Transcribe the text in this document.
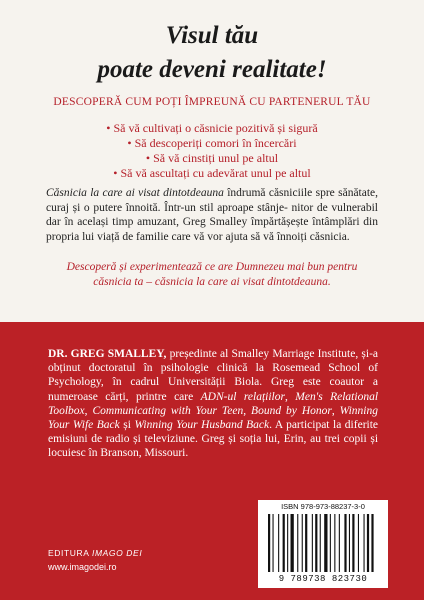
Visul tău
poate deveni realitate!
DESCOPERĂ CUM POȚI ÎMPREUNĂ CU PARTENERUL TĂU
• Să vă cultivați o căsnicie pozitivă și sigură
• Să descoperiți comori în încercări
• Să vă cinstiți unul pe altul
• Să vă ascultați cu adevărat unul pe altul
Căsnicia la care ai visat dintotdeauna îndrumă căsniciile spre sănătate, curaj și o putere înnoită. Într-un stil aproape stânje- nitor de vulnerabil dar în același timp amuzant, Greg Smalley împărtășește întâmplări din propria lui viață de familie care vă vor ajuta să vă înnoiți căsnicia.
Descoperă și experimentează ce are Dumnezeu mai bun pentru
căsnicia ta – căsnicia la care ai visat dintotdeauna.
DR. GREG SMALLEY, președinte al Smalley Marriage Institute, și-a obținut doctoratul în psihologie clinică la Rosemead School of Psychology, în cadrul Universității Biola. Greg este coautor a numeroase cărți, printre care ADN-ul relațiilor, Men's Relational Toolbox, Communicating with Your Teen, Bound by Honor, Winning Your Wife Back și Winning Your Husband Back. A participat la diferite emisiuni de radio și televiziune. Greg și soția lui, Erin, au trei copii și locuiesc în Branson, Missouri.
EDITURA IMAGO DEI
www.imagodei.ro
ISBN 978-973-88237-3-0
9 789738 823730
